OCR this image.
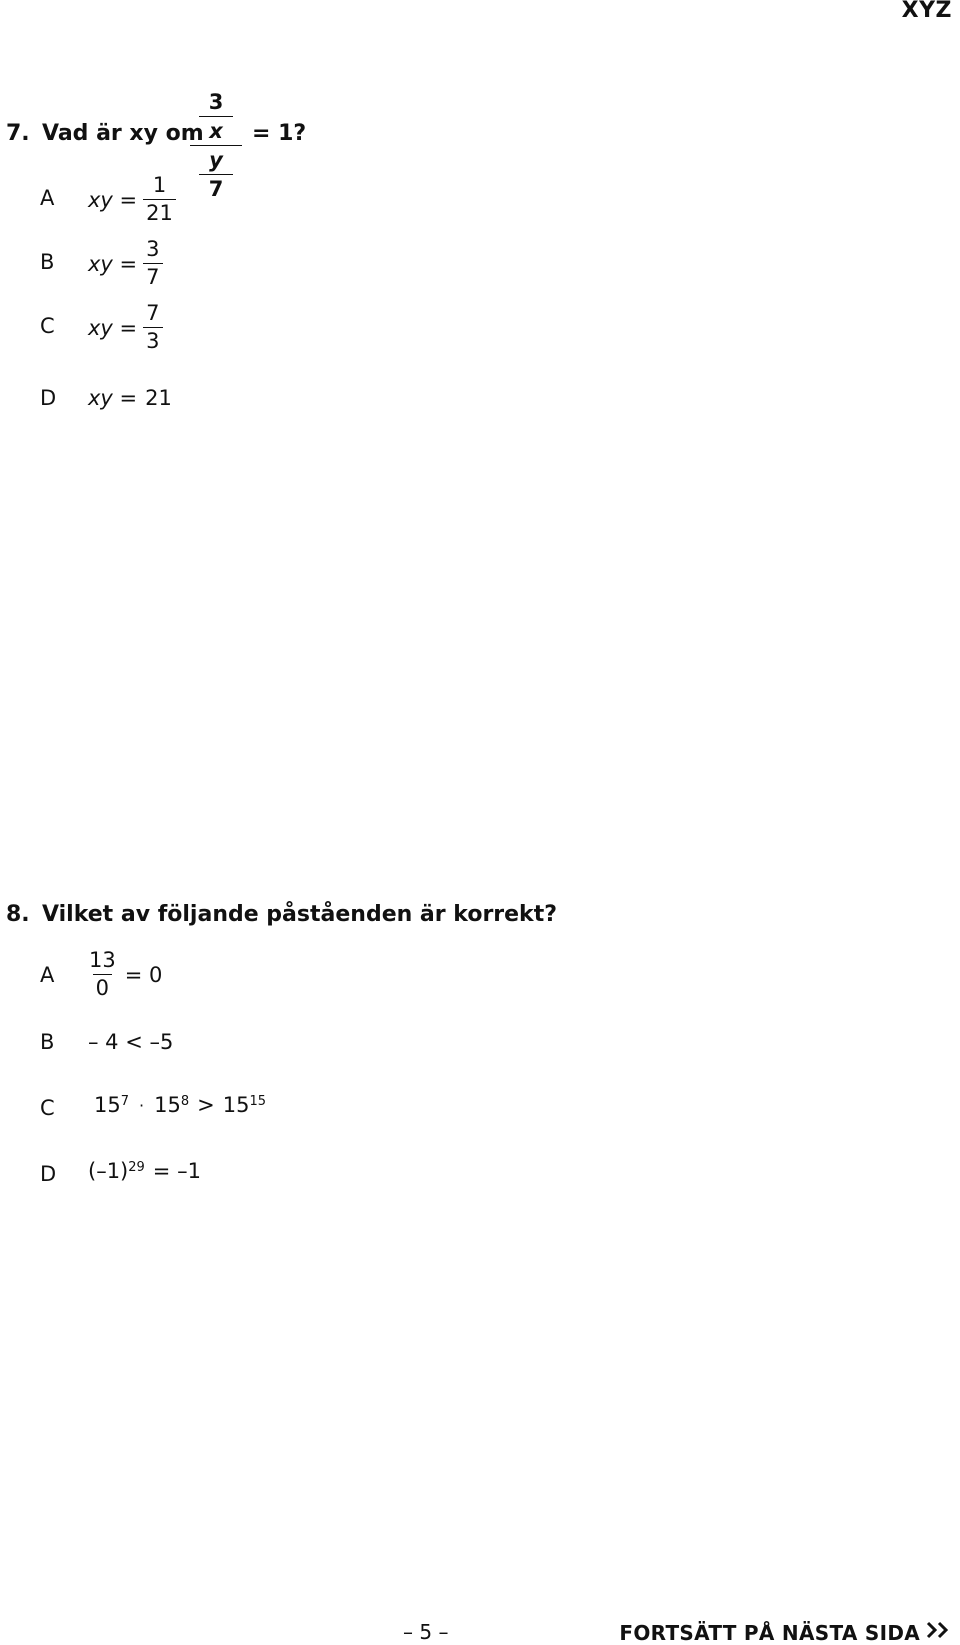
XYZ
7. Vad är xy om
3
x
y
7
= 1?
A xy = $\frac{1}{21}$
B xy = $\frac{3}{7}$
C xy = $\frac{7}{3}$
D xy = 21
8. Vilket av följande påståenden är korrekt?
A $\frac{13}{0} = 0$
B – 4 < –5
C $15^7 \cdot 15^8 > 15^{15}$
D $(-1)^{29} = -1$
– 5 –	FORTSÄTT PÅ NÄSTA SIDA
